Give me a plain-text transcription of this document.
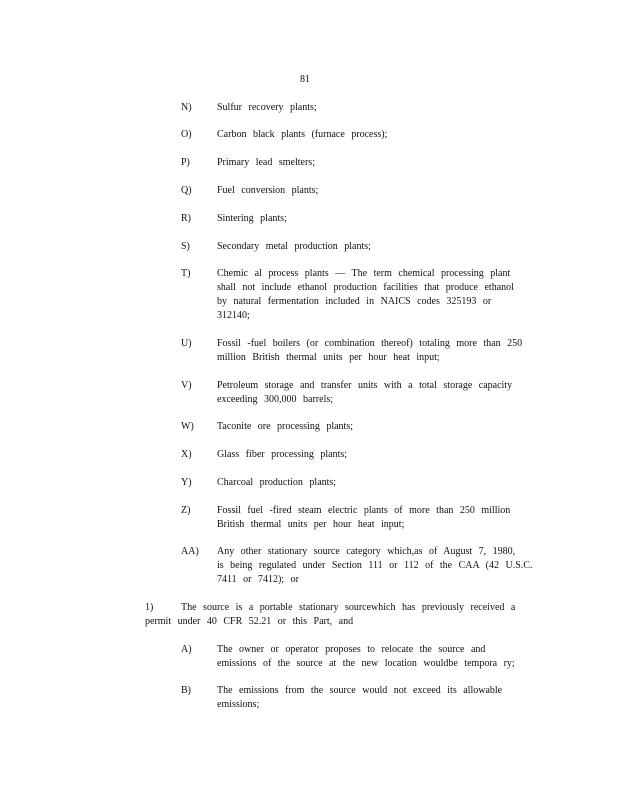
81
N)	Sulfur recovery plants;
O)	Carbon black plants (furnace process);
P)	Primary lead smelters;
Q)	Fuel conversion plants;
R)	Sintering plants;
S)	Secondary metal production plants;
T)	Chemic al process plants — The term chemical processing plant
shall not include ethanol production facilities that produce ethanol
by natural fermentation included in NAICS codes 325193 or
312140;
U)	Fossil -fuel boilers (or combination thereof) totaling more than 250
million British thermal units per hour heat input;
V)	Petroleum storage and transfer units with a total storage capacity
exceeding 300,000 barrels;
W) Taconite ore processing plants;
X)	Glass fiber processing plants;
Y)	Charcoal production plants;
Z)	Fossil fuel -fired steam electric plants of more than 250 million
British thermal units per hour heat input;
AA) Any other stationary source category which,as of August 7, 1980,
is being regulated under Section 111 or 112 of the CAA (42 U.S.C.
7411 or 7412); or
1)	The source is a portable stationary sourcewhich has previously received a
permit under 40 CFR 52.21 or this Part, and
A)	The owner or operator proposes to relocate the source and
emissions of the source at the new location wouldbe tempora ry;
B)	The emissions from the source would not exceed its allowable
emissions;
